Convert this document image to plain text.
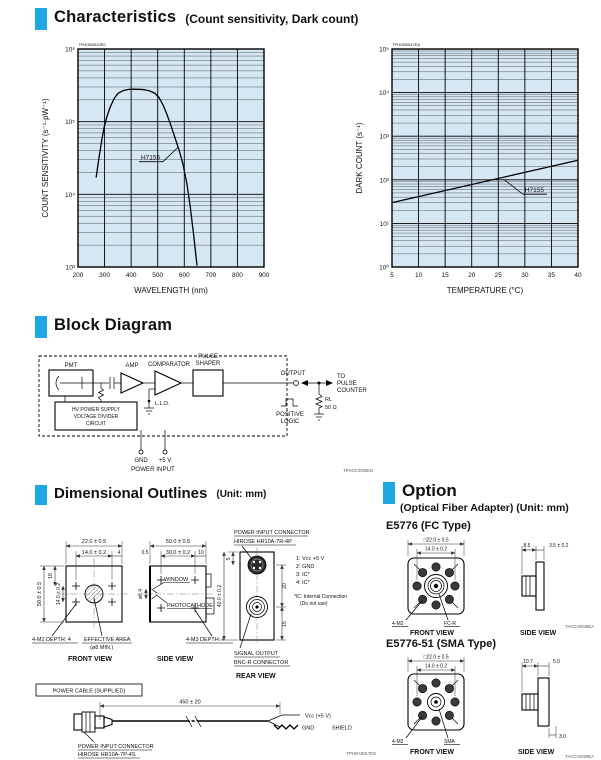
Characteristics (Count sensitivity, Dark count)
200 300 400 500 600 700 800 900
10³
10⁴
10⁵
10⁶
WAVELENGTH (nm)
COUNT SENSITIVITY (s⁻¹·pW⁻¹)
TPHOB0010EC
H7155
5	10	15	20	25	30	35	40
10⁰
10¹
10²
10³
10⁴
10⁵
TEMPERATURE (°C)
DARK COUNT (s⁻¹)
TPHOB0047EA
H7155
Block Diagram
PMT	AMP COMPARATOR
L.L.D.
PULSE
SHAPER
OUTPUT	TO
PULSE
COUNTER
RL
50 Ω
POSITIVE
LOGIC
HV POWER SUPPLY
VOLTAGE DIVIDER
CIRCUIT
GND +5 V
POWER INPUT	TPHOC0036ED
Dimensional Outlines (Unit: mm)
22.0 ± 0.5
14.0 ± 0.2 4
50.0 ± 0.5
18
14.0 ± 0.2
4-M2 DEPTH: 4 EFFECTIVE AREA
(ø8 MIN.)
FRONT VIEW
50.0 ± 0.5
0.5	30.0 ± 0.2 10
ø8.4
WINDOW
PHOTOCATHODE
4-M3 DEPTH: 4
SIDE VIEW
5
40.0 ± 0.2	20
15
POWER INPUT CONNECTOR
HIROSE HR10A-7R-4P
1: Vcc +5 V
2: GND
3: IC*
4: IC*
*IC: Internal Connection
(Do not use)
SIGNAL OUTPUT
BNC-R CONNECTOR
REAR VIEW
POWER CABLE (SUPPLIED)
450 ± 20
Vcc (+5 V)
GND	SHIELD
POWER INPUT CONNECTOR
HIROSE HR10A-7P-4S	TPHOA0017ED
Option
(Optical Fiber Adapter) (Unit: mm)
E5776 (FC Type)
□22.0 ± 0.5
14.0 ± 0.2
4-M2	FC-R
FRONT VIEW
8.5	3.5 ± 0.2
SIDE VIEW
TACCA0046EA
E5776-51 (SMA Type)
□22.0 ± 0.5
14.0 ± 0.2
4-M2	SMA
FRONT VIEW
10.7	5.0
3.0
SIDE VIEW
TACCA0239EA
